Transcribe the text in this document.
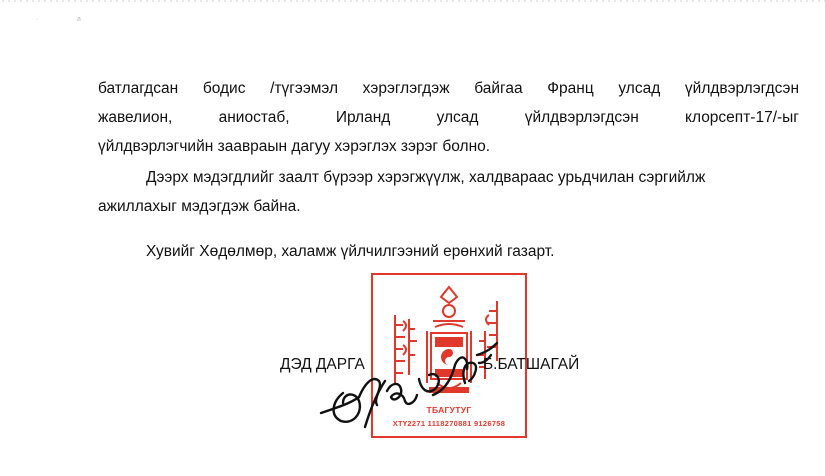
·	a
батлагдсан бодис /түгээмэл хэрэглэгдэж байгаа Франц улсад үйлдвэрлэгдсэн
жавелион,	аниостаб,	Ирланд	улсад	үйлдвэрлэгдсэн	клорсепт-17/-ыг
үйлдвэрлэгчийн заавраын дагуу хэрэглэх зэрэг болно.
Дээрх мэдэгдлийг заалт бүрээр хэрэгжүүлж, халдвараас урьдчилан сэргийлж
ажиллахыг мэдэгдэж байна.
Хувийг Хөдөлмөр, халамж үйлчилгээний ерөнхий газарт.
ТБАГУТУГ
ХТҮ2271 1118270881 9126758
ДЭД ДАРГА	Б.БАТШАГАЙ
